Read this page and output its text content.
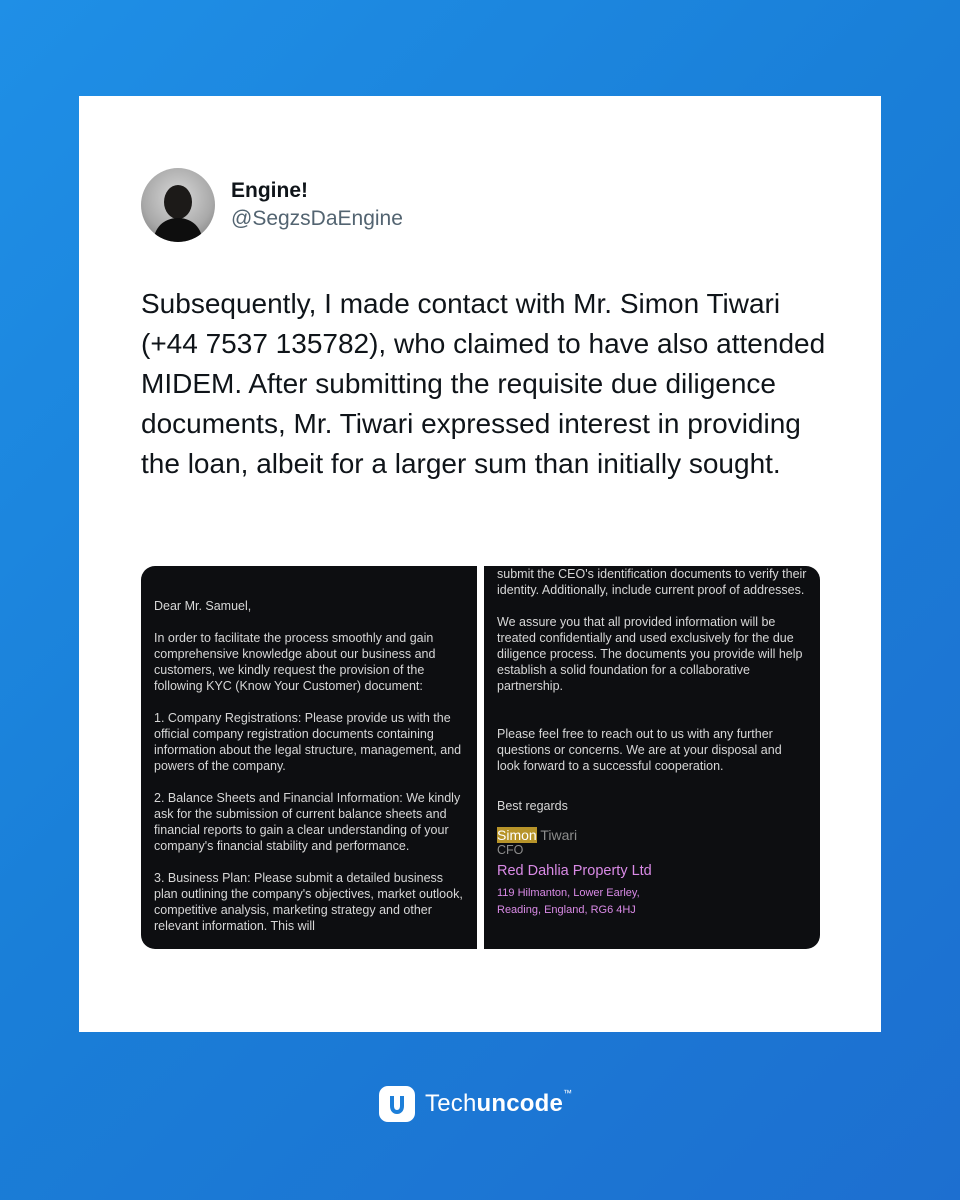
Engine!
@SegzsDaEngine
Subsequently, I made contact with Mr. Simon Tiwari (+44 7537 135782), who claimed to have also attended MIDEM. After submitting the requisite due diligence documents, Mr. Tiwari expressed interest in providing the loan, albeit for a larger sum than initially sought.
Dear Mr. Samuel,
In order to facilitate the process smoothly and gain comprehensive knowledge about our business and customers, we kindly request the provision of the following KYC (Know Your Customer) document:
1. Company Registrations: Please provide us with the official company registration documents containing information about the legal structure, management, and powers of the company.
2. Balance Sheets and Financial Information: We kindly ask for the submission of current balance sheets and financial reports to gain a clear understanding of your company's financial stability and performance.
3. Business Plan: Please submit a detailed business plan outlining the company's objectives, market outlook, competitive analysis, marketing strategy and other relevant information. This will
submit the CEO's identification documents to verify their identity. Additionally, include current proof of addresses.
We assure you that all provided information will be treated confidentially and used exclusively for the due diligence process. The documents you provide will help establish a solid foundation for a collaborative partnership.
Please feel free to reach out to us with any further questions or concerns. We are at your disposal and look forward to a successful cooperation.
Best regards
Simon Tiwari
CFO
Red Dahlia Property Ltd
119 Hilmanton, Lower Earley,
Reading, England, RG6 4HJ
Techuncode™
